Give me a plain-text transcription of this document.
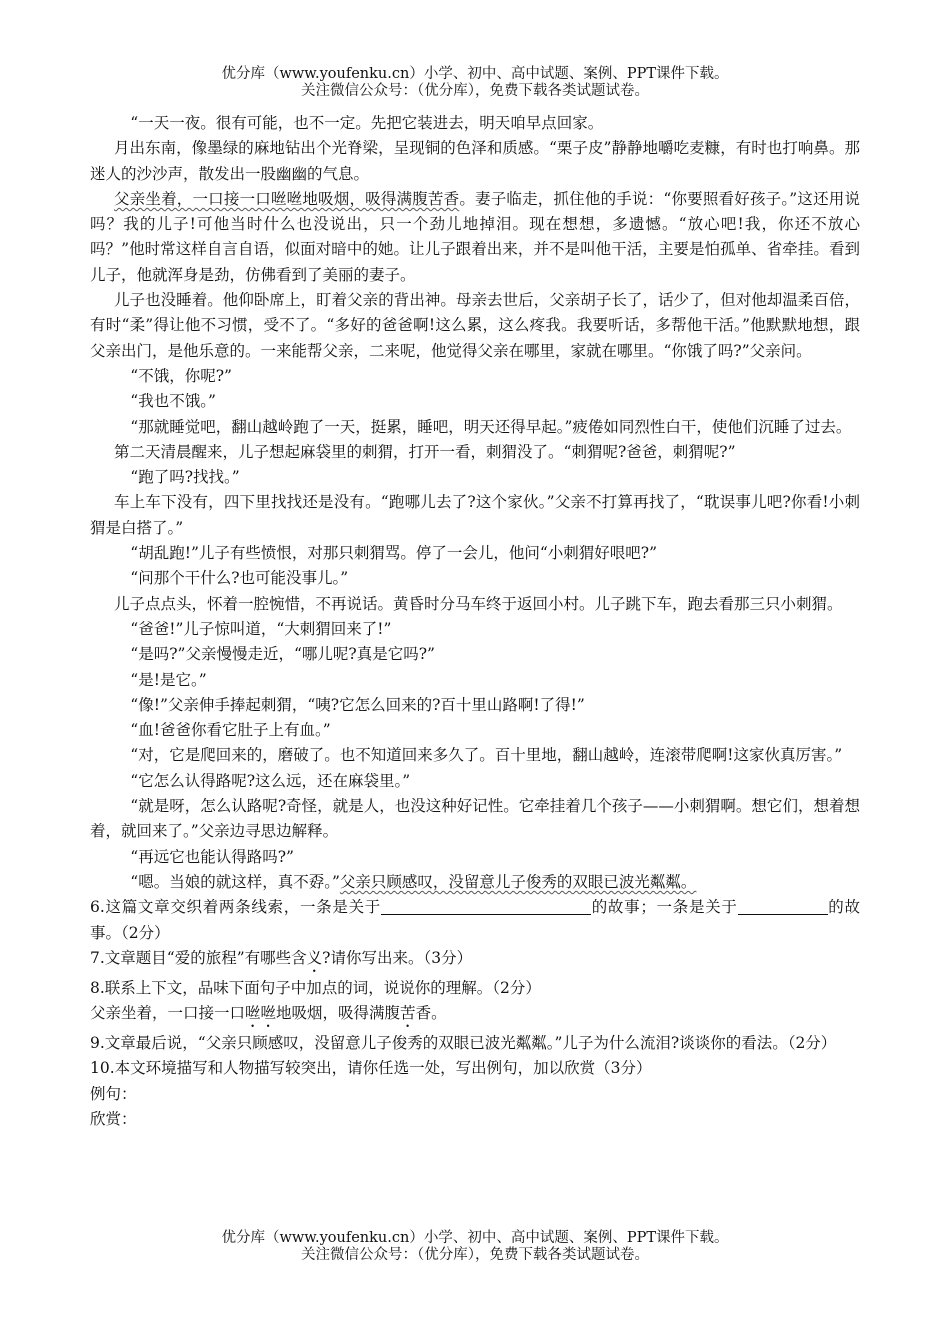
优分库（www.youfenku.cn）小学、初中、高中试题、案例、PPT课件下载。
关注微信公众号：（优分库），免费下载各类试题试卷。

“一天一夜。很有可能，也不一定。先把它装进去，明天咱早点回家。

月出东南，像墨绿的麻地钻出个光脊梁，呈现铜的色泽和质感。“栗子皮”静静地嚼吃麦糠，有时也打响鼻。那迷人的沙沙声，散发出一股幽幽的气息。

父亲坐着，一口接一口咝咝地吸烟，吸得满腹苦香。妻子临走，抓住他的手说：“你要照看好孩子。”这还用说吗？我的儿子!可他当时什么也没说出，只一个劲儿地掉泪。现在想想，多遗憾。“放心吧!我，你还不放心吗？”他时常这样自言自语，似面对暗中的她。让儿子跟着出来，并不是叫他干活，主要是怕孤单、省牵挂。看到儿子，他就浑身是劲，仿佛看到了美丽的妻子。

儿子也没睡着。他仰卧席上，盯着父亲的背出神。母亲去世后，父亲胡子长了，话少了，但对他却温柔百倍，有时“柔”得让他不习惯，受不了。“多好的爸爸啊!这么累，这么疼我。我要听话，多帮他干活。”他默默地想，跟父亲出门，是他乐意的。一来能帮父亲，二来呢，他觉得父亲在哪里，家就在哪里。“你饿了吗?”父亲问。

“不饿，你呢?”

“我也不饿。”

“那就睡觉吧，翻山越岭跑了一天，挺累，睡吧，明天还得早起。”疲倦如同烈性白干，使他们沉睡了过去。

第二天清晨醒来，儿子想起麻袋里的刺猬，打开一看，刺猬没了。“刺猬呢?爸爸，刺猬呢?”

“跑了吗?找找。”

车上车下没有，四下里找找还是没有。“跑哪儿去了?这个家伙。”父亲不打算再找了，“耽误事儿吧?你看!小刺猬是白搭了。”

“胡乱跑!”儿子有些愤恨，对那只刺猬骂。停了一会儿，他问“小刺猬好哏吧?”

“问那个干什么?也可能没事儿。”

儿子点点头，怀着一腔惋惜，不再说话。黄昏时分马车终于返回小村。儿子跳下车，跑去看那三只小刺猬。

“爸爸!”儿子惊叫道，“大刺猬回来了!”

“是吗?”父亲慢慢走近，“哪儿呢?真是它吗?”

“是!是它。”

“像!”父亲伸手捧起刺猬，“咦?它怎么回来的?百十里山路啊!了得!”

“血!爸爸你看它肚子上有血。”

“对，它是爬回来的，磨破了。也不知道回来多久了。百十里地，翻山越岭，连滚带爬啊!这家伙真厉害。”

“它怎么认得路呢?这么远，还在麻袋里。”

“就是呀，怎么认路呢?奇怪，就是人，也没这种好记性。它牵挂着几个孩子——小刺猬啊。想它们，想着想着，就回来了。”父亲边寻思边解释。

“再远它也能认得路吗?”

“嗯。当娘的就这样，真不孬。”父亲只顾感叹，没留意儿子俊秀的双眼已波光粼粼。

6.这篇文章交织着两条线索，一条是关于	的故事；一条是关于	的故事。（2分）

7.文章题目“爱的旅程”有哪些含义?请你写出来。（3分）

8.联系上下文，品味下面句子中加点的词，说说你的理解。（2分）

父亲坐着，一口接一口咝咝地吸烟，吸得满腹苦香。

9.文章最后说，“父亲只顾感叹，没留意儿子俊秀的双眼已波光粼粼。”儿子为什么流泪?谈谈你的看法。（2分）

10.本文环境描写和人物描写较突出，请你任选一处，写出例句，加以欣赏（3分）

例句：

欣赏：

优分库（www.youfenku.cn）小学、初中、高中试题、案例、PPT课件下载。
关注微信公众号：（优分库），免费下载各类试题试卷。
